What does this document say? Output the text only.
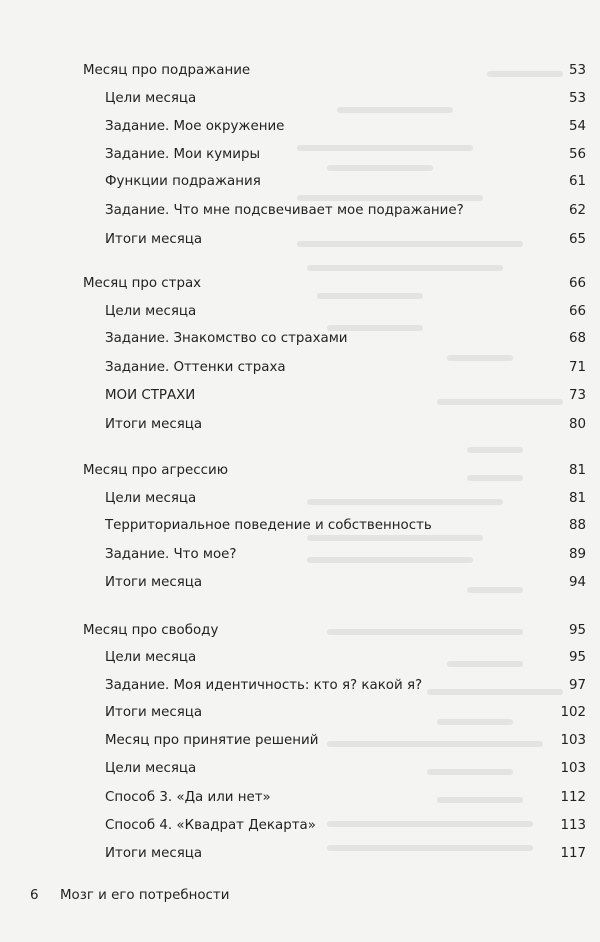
Месяц про подражание	53
Цели месяца	53
Задание. Мое окружение	54
Задание. Мои кумиры	56
Функции подражания	61
Задание. Что мне подсвечивает мое подражание?	62
Итоги месяца	65
Месяц про страх	66
Цели месяца	66
Задание. Знакомство со страхами	68
Задание. Оттенки страха	71
МОИ СТРАХИ	73
Итоги месяца	80
Месяц про агрессию	81
Цели месяца	81
Территориальное поведение и собственность	88
Задание. Что мое?	89
Итоги месяца	94
Месяц про свободу	95
Цели месяца	95
Задание. Моя идентичность: кто я? какой я?	97
Итоги месяца	102
Месяц про принятие решений	103
Цели месяца	103
Способ 3. «Да или нет»	112
Способ 4. «Квадрат Декарта»	113
Итоги месяца	117
6 Мозг и его потребности
